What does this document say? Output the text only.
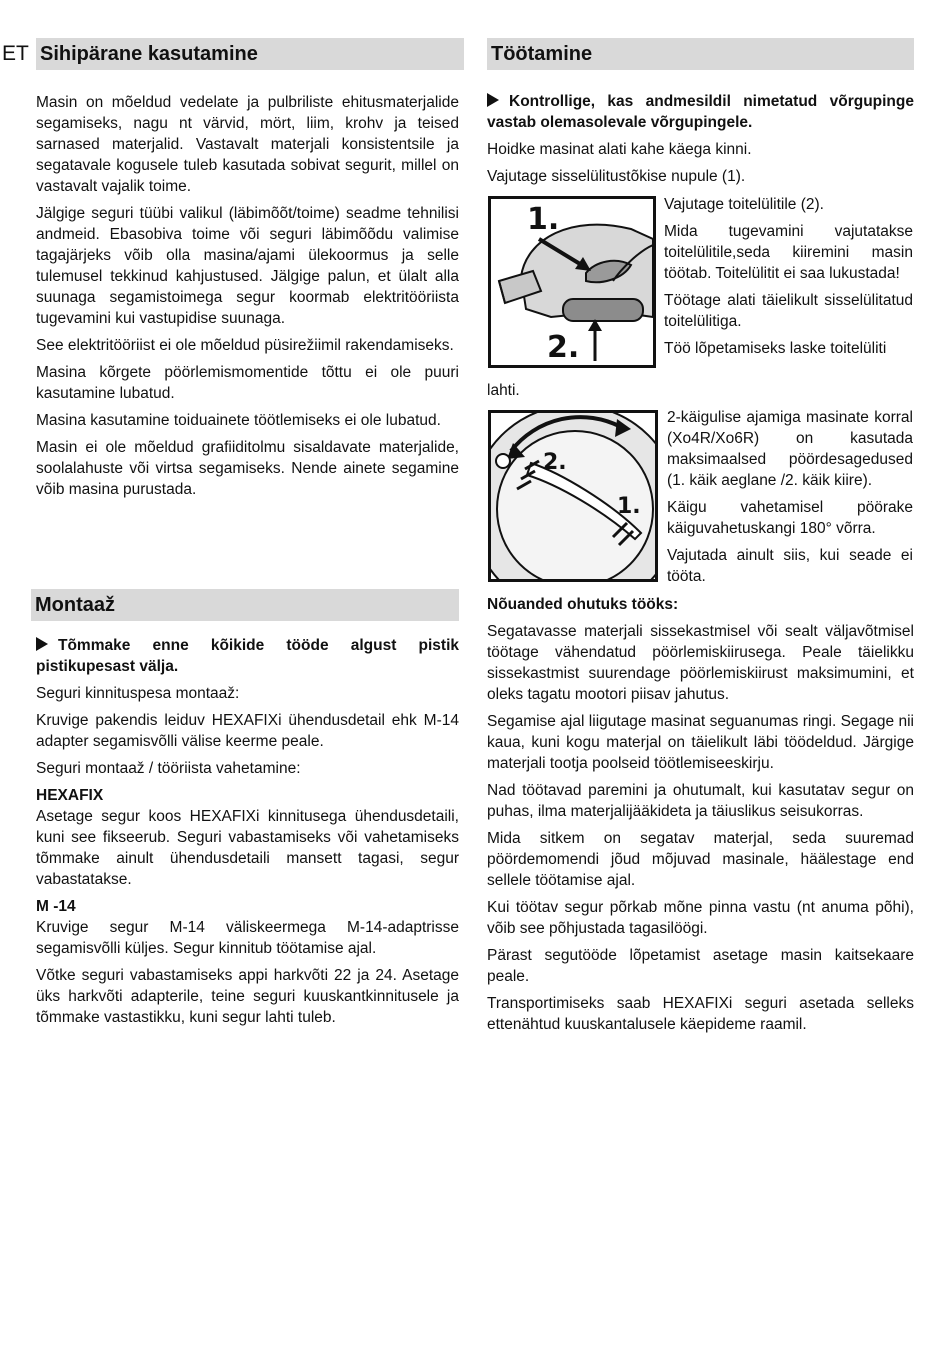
ET Sihipärane kasutamine

Masin on mõeldud vedelate ja pulbriliste ehitusmaterjalide segamiseks, nagu nt värvid, mört, liim, krohv ja teised sarnased materjalid. Vastavalt materjali konsistentsile ja segatavale kogusele tuleb kasutada sobivat segurit, millel on vastavalt vajalik toime.

Jälgige seguri tüübi valikul (läbimõõt/toime) seadme tehnilisi andmeid. Ebasobiva toime või seguri läbimõõdu valimise tagajärjeks võib olla masina/ajami ülekoormus ja selle tulemusel tekkinud kahjustused. Jälgige palun, et ülalt alla suunaga segamistoimega segur koormab elektritööriista tugevamini kui vastupidise suunaga.

See elektritööriist ei ole mõeldud püsirežiimil rakendamiseks.

Masina kõrgete pöörlemismomentide tõttu ei ole puuri kasutamine lubatud.

Masina kasutamine toiduainete töötlemiseks ei ole lubatud.

Masin ei ole mõeldud grafiiditolmu sisaldavate materjalide, soolalahuste või virtsa segamiseks. Nende ainete segamine võib masina purustada.

Montaaž

Tõmmake enne kõikide tööde algust pistik pistikupesast välja.

Seguri kinnituspesa montaaž:

Kruvige pakendis leiduv HEXAFIXi ühendusdetail ehk M-14 adapter segamisvõlli välise keerme peale.

Seguri montaaž / tööriista vahetamine:

HEXAFIX

Asetage segur koos HEXAFIXi kinnitusega ühendusdetaili, kuni see fikseerub. Seguri vabastamiseks või vahetamiseks tõmmake ainult ühendusdetaili mansett tagasi, segur vabastatakse.

M -14

Kruvige segur M-14 väliskeermega M-14-adaptrisse segamisvõlli küljes. Segur kinnitub töötamise ajal.

Võtke seguri vabastamiseks appi harkvõti 22 ja 24. Asetage üks harkvõti adapterile, teine seguri kuuskantkinnitusele ja tõmmake vastastikku, kuni segur lahti tuleb.

Töötamine

Kontrollige, kas andmesildil nimetatud võrgupinge vastab olemasolevale võrgupingele.

Hoidke masinat alati kahe käega kinni.

Vajutage sisselülitustõkise nupule (1).

1.
2.

Vajutage toitelülitile (2).

Mida tugevamini vajutatakse toitelülitile,seda kiiremini masin töötab. Toitelülitit ei saa lukustada!

Töötage alati täielikult sisselülitatud toitelülitiga.

Töö lõpetamiseks laske toitelüliti

lahti.
2.
1.

2-käigulise ajamiga masinate korral (Xo4R/Xo6R) on kasutada maksimaalsed pöördesagedused (1. käik aeglane /2. käik kiire).

Käigu vahetamisel pöörake käiguvahetuskangi 180° võrra.

Vajutada ainult siis, kui seade ei tööta.

Nõuanded ohutuks tööks:

Segatavasse materjali sissekastmisel või sealt väljavõtmisel töötage vähendatud pöörlemiskiirusega. Peale täielikku sissekastmist suurendage pöörlemiskiirust maksimumini, et oleks tagatu mootori piisav jahutus.

Segamise ajal liigutage masinat seguanumas ringi. Segage nii kaua, kuni kogu materjal on täielikult läbi töödeldud. Järgige materjali tootja poolseid töötlemiseeskirju.

Nad töötavad paremini ja ohutumalt, kui kasutatav segur on puhas, ilma materjalijääkideta ja täiuslikus seisukorras.

Mida sitkem on segatav materjal, seda suuremad pöördemomendi jõud mõjuvad masinale, häälestage end sellele töötamise ajal.

Kui töötav segur põrkab mõne pinna vastu (nt anuma põhi), võib see põhjustada tagasilöögi.

Pärast segutööde lõpetamist asetage masin kaitsekaare peale.

Transportimiseks saab HEXAFIXi seguri asetada selleks ettenähtud kuuskantalusele käepideme raamil.
